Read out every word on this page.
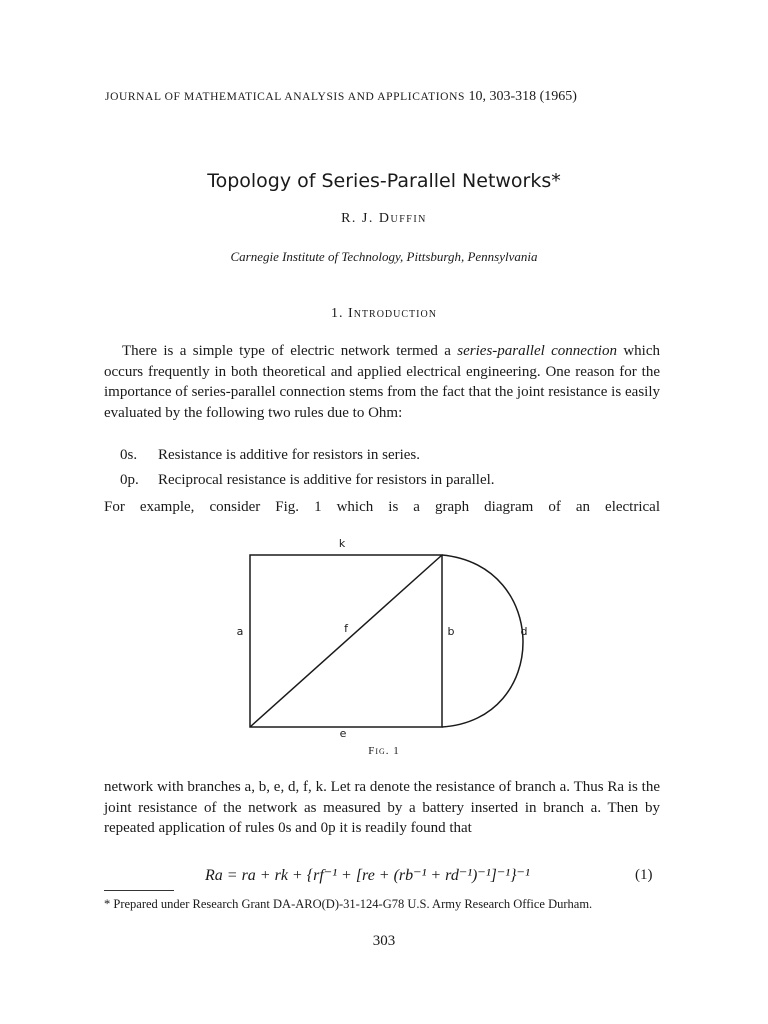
JOURNAL OF MATHEMATICAL ANALYSIS AND APPLICATIONS 10, 303-318 (1965)
Topology of Series-Parallel Networks*
R. J. Duffin
Carnegie Institute of Technology, Pittsburgh, Pennsylvania
1. Introduction
There is a simple type of electric network termed a series-parallel connection which occurs frequently in both theoretical and applied electrical engineering. One reason for the importance of series-parallel connection stems from the fact that the joint resistance is easily evaluated by the following two rules due to Ohm:
0s. Resistance is additive for resistors in series.
0p. Reciprocal resistance is additive for resistors in parallel.
For example, consider Fig. 1 which is a graph diagram of an electrical
k
a	f	b	d
e
Fig. 1
network with branches a, b, e, d, f, k. Let ra denote the resistance of branch a. Thus Ra is the joint resistance of the network as measured by a battery inserted in branch a. Then by repeated application of rules 0s and 0p it is readily found that
Ra = ra + rk + {rf⁻¹ + [re + (rb⁻¹ + rd⁻¹)⁻¹]⁻¹}⁻¹	(1)
* Prepared under Research Grant DA-ARO(D)-31-124-G78 U.S. Army Research Office Durham.
303
